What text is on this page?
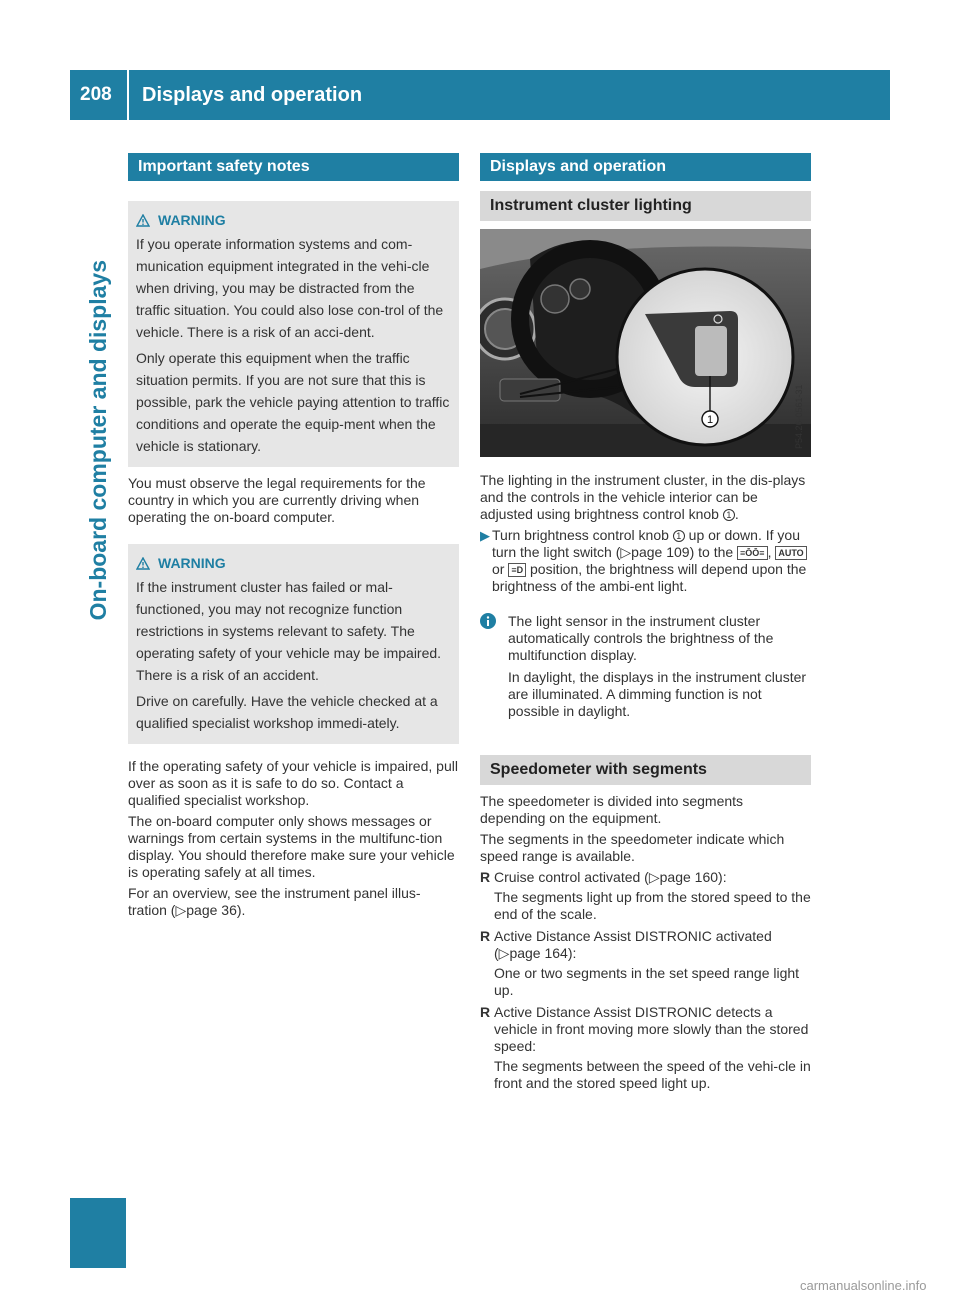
208	Displays and operation
On-board computer and displays
Important safety notes
WARNING

If you operate information systems and com-munication equipment integrated in the vehi-cle when driving, you may be distracted from the traffic situation. You could also lose con-trol of the vehicle. There is a risk of an acci-dent.

Only operate this equipment when the traffic situation permits. If you are not sure that this is possible, park the vehicle paying attention to traffic conditions and operate the equip-ment when the vehicle is stationary.

You must observe the legal requirements for the country in which you are currently driving when operating the on-board computer.

WARNING

If the instrument cluster has failed or mal-functioned, you may not recognize function restrictions in systems relevant to safety. The operating safety of your vehicle may be impaired. There is a risk of an accident.

Drive on carefully. Have the vehicle checked at a qualified specialist workshop immedi-ately.

If the operating safety of your vehicle is impaired, pull over as soon as it is safe to do so. Contact a qualified specialist workshop.

The on-board computer only shows messages or warnings from certain systems in the multifunc-tion display. You should therefore make sure your vehicle is operating safely at all times.

For an overview, see the instrument panel illus-tration (▷page 36).

Displays and operation
Instrument cluster lighting
1	P54.26-0561-31

The lighting in the instrument cluster, in the dis-plays and the controls in the vehicle interior can be adjusted using brightness control knob 1 .

▶ Turn brightness control knob 1 up or down. If you turn the light switch (▷page 109) to the ≡ŌŌ≡ , AUTO or ≡D position, the brightness will depend upon the brightness of the ambi-ent light.

The light sensor in the instrument cluster automatically controls the brightness of the multifunction display.

In daylight, the displays in the instrument cluster are illuminated. A dimming function is not possible in daylight.

Speedometer with segments

The speedometer is divided into segments depending on the equipment.

The segments in the speedometer indicate which speed range is available.

R Cruise control activated (▷page 160):

The segments light up from the stored speed to the end of the scale.

R Active Distance Assist DISTRONIC activated (▷page 164):

One or two segments in the set speed range light up.

R Active Distance Assist DISTRONIC detects a vehicle in front moving more slowly than the stored speed:

The segments between the speed of the vehi-cle in front and the stored speed light up.

carmanualsonline.info
